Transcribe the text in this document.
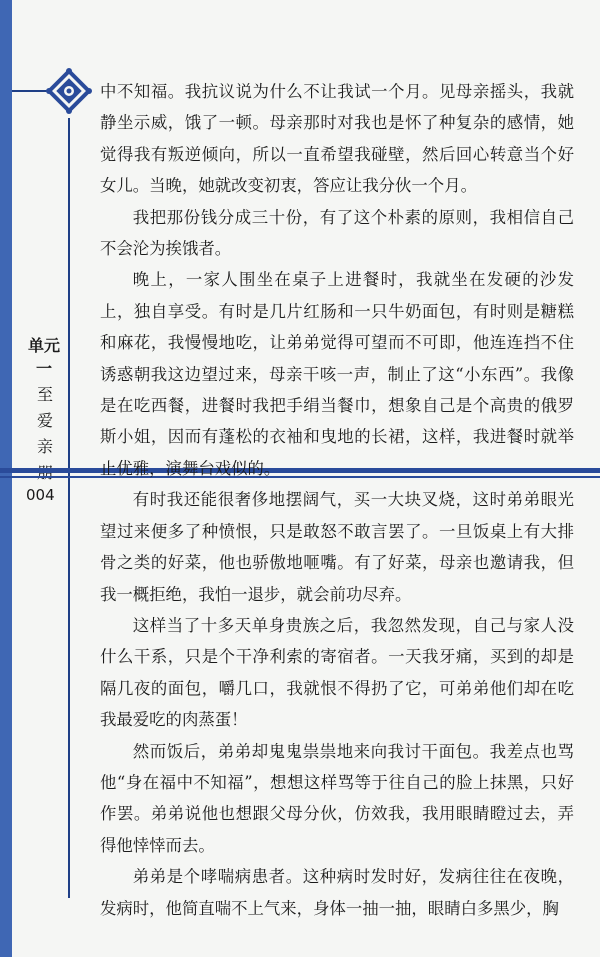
单元一
至爱亲
004

中不知福。我抗议说为什么不让我试一个月。见母亲摇头，我就静坐示威，饿了一顿。母亲那时对我也是怀了种复杂的感情，她觉得我有叛逆倾向，所以一直希望我碰壁，然后回心转意当个好女儿。当晚，她就改变初衷，答应让我分伙一个月。

我把那份钱分成三十份，有了这个朴素的原则，我相信自己不会沦为挨饿者。

晚上，一家人围坐在桌子上进餐时，我就坐在发硬的沙发上，独自享受。有时是几片红肠和一只牛奶面包，有时则是糖糕和麻花，我慢慢地吃，让弟弟觉得可望而不可即，他连连挡不住诱惑朝我这边望过来，母亲干咳一声，制止了这“小东西”。我像是在吃西餐，进餐时我把手绢当餐巾，想象自己是个高贵的俄罗斯小姐，因而有蓬松的衣袖和曳地的长裙，这样，我进餐时就举止优雅，演舞台戏似的。

有时我还能很奢侈地摆阔气，买一大块叉烧，这时弟弟眼光望过来便多了种愤恨，只是敢怒不敢言罢了。一旦饭桌上有大排骨之类的好菜，他也骄傲地咂嘴。有了好菜，母亲也邀请我，但我一概拒绝，我怕一退步，就会前功尽弃。

这样当了十多天单身贵族之后，我忽然发现，自己与家人没什么干系，只是个干净利索的寄宿者。一天我牙痛，买到的却是隔几夜的面包，嚼几口，我就恨不得扔了它，可弟弟他们却在吃我最爱吃的肉蒸蛋！

然而饭后，弟弟却鬼鬼祟祟地来向我讨干面包。我差点也骂他“身在福中不知福”，想想这样骂等于往自己的脸上抹黑，只好作罢。弟弟说他也想跟父母分伙，仿效我，我用眼睛瞪过去，弄得他悻悻而去。

弟弟是个哮喘病患者。这种病时发时好，发病往往在夜晚，发病时，他简直喘不上气来，身体一抽一抽，眼睛白多黑少，胸
